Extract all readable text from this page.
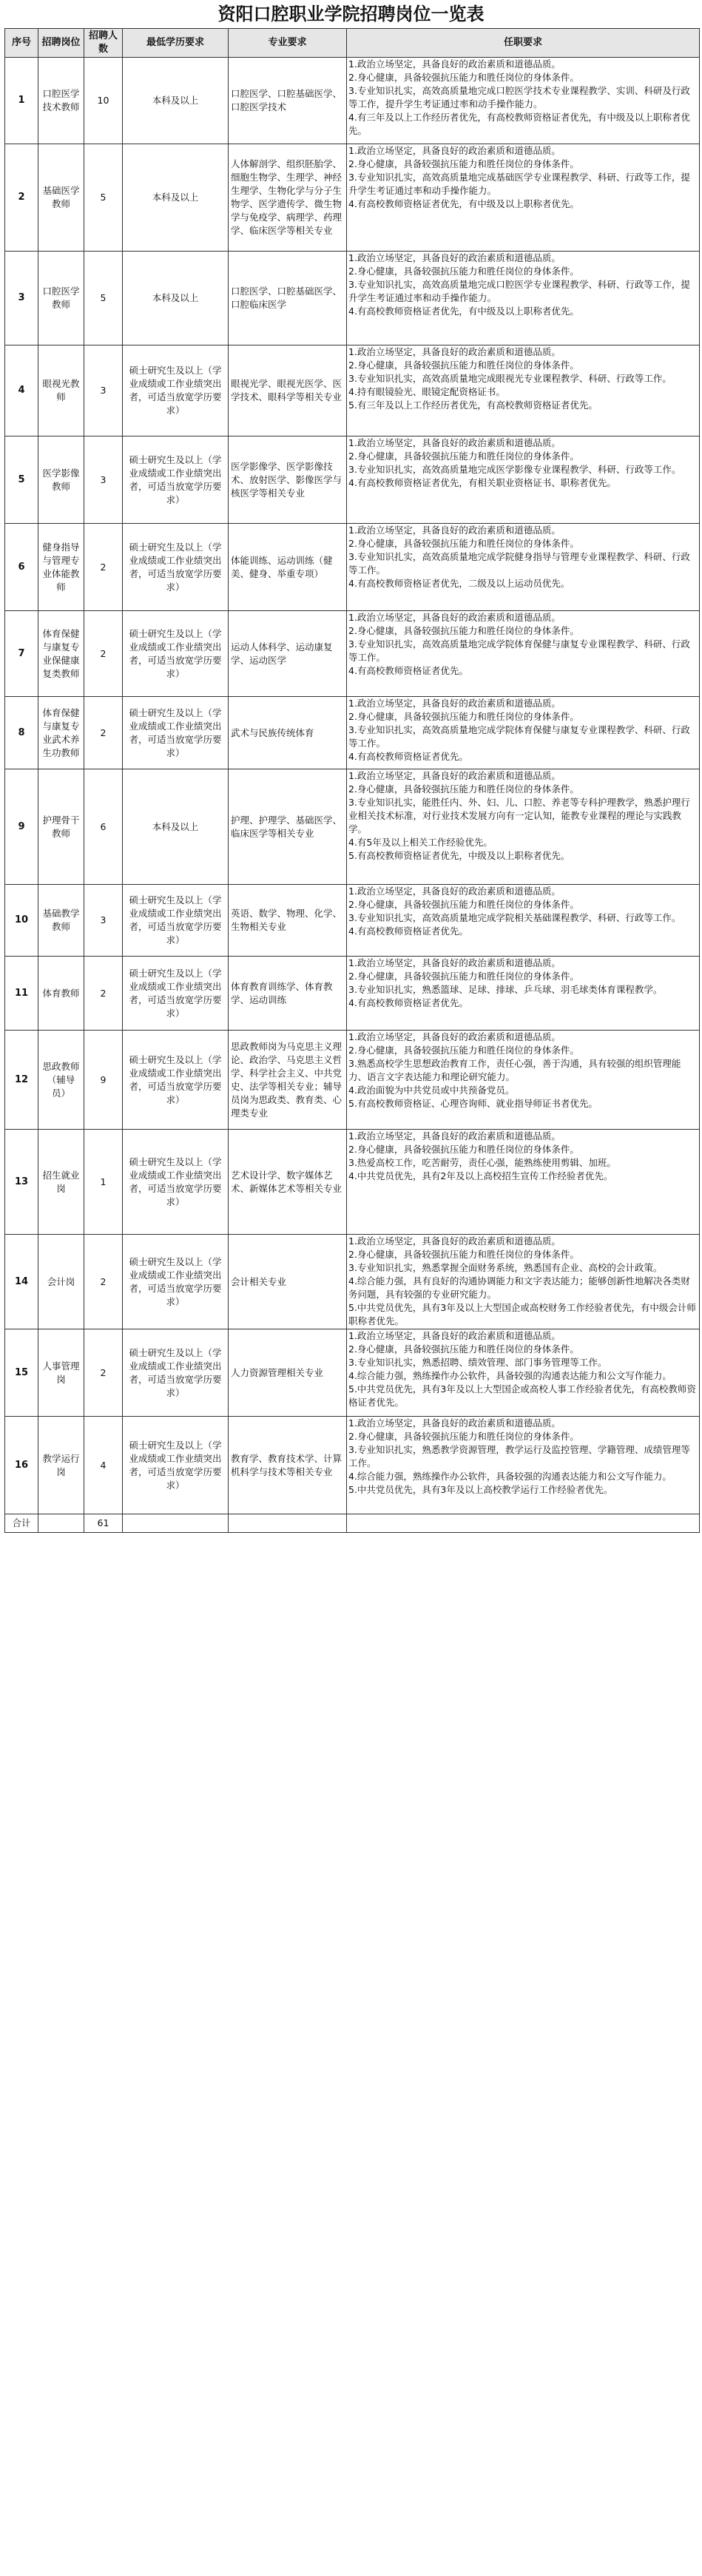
资阳口腔职业学院招聘岗位一览表
序号	招聘岗位	招聘人数	最低学历要求	专业要求	任职要求
1	口腔医学技术教师	10	本科及以上	口腔医学、口腔基础医学、口腔医学技术	1.政治立场坚定，具备良好的政治素质和道德品质。

2.身心健康，具备较强抗压能力和胜任岗位的身体条件。

3.专业知识扎实，高效高质量地完成口腔医学技术专业课程教学、实训、科研及行政等工作，提升学生考证通过率和动手操作能力。

4.有三年及以上工作经历者优先，有高校教师资格证者优先，有中级及以上职称者优先。

2	基础医学教师	5	本科及以上	人体解剖学、组织胚胎学、细胞生物学、生理学、神经生理学、生物化学与分子生物学、医学遗传学、微生物学与免疫学、病理学、药理学、临床医学等相关专业	1.政治立场坚定，具备良好的政治素质和道德品质。

2.身心健康，具备较强抗压能力和胜任岗位的身体条件。

3.专业知识扎实，高效高质量地完成基础医学专业课程教学、科研、行政等工作，提升学生考证通过率和动手操作能力。

4.有高校教师资格证者优先，有中级及以上职称者优先。

3	口腔医学教师	5	本科及以上	口腔医学、口腔基础医学、口腔临床医学	1.政治立场坚定，具备良好的政治素质和道德品质。

2.身心健康，具备较强抗压能力和胜任岗位的身体条件。

3.专业知识扎实，高效高质量地完成口腔医学专业课程教学、科研、行政等工作，提升学生考证通过率和动手操作能力。

4.有高校教师资格证者优先，有中级及以上职称者优先。

4	眼视光教师	3	硕士研究生及以上（学业成绩或工作业绩突出者，可适当放宽学历要求）	眼视光学、眼视光医学、医学技术、眼科学等相关专业	1.政治立场坚定，具备良好的政治素质和道德品质。

2.身心健康，具备较强抗压能力和胜任岗位的身体条件。

3.专业知识扎实，高效高质量地完成眼视光专业课程教学、科研、行政等工作。

4.持有眼镜验光、眼镜定配资格证书。

5.有三年及以上工作经历者优先，有高校教师资格证者优先。

5	医学影像教师	3	硕士研究生及以上（学业成绩或工作业绩突出者，可适当放宽学历要求）	医学影像学、医学影像技术、放射医学、影像医学与核医学等相关专业	1.政治立场坚定，具备良好的政治素质和道德品质。

2.身心健康，具备较强抗压能力和胜任岗位的身体条件。

3.专业知识扎实，高效高质量地完成医学影像专业课程教学、科研、行政等工作。

4.有高校教师资格证者优先，有相关职业资格证书、职称者优先。

6	健身指导与管理专业体能教师	2	硕士研究生及以上（学业成绩或工作业绩突出者，可适当放宽学历要求）	体能训练、运动训练（健美、健身、举重专项）	1.政治立场坚定，具备良好的政治素质和道德品质。

2.身心健康，具备较强抗压能力和胜任岗位的身体条件。

3.专业知识扎实，高效高质量地完成学院健身指导与管理专业课程教学、科研、行政等工作。

4.有高校教师资格证者优先，二级及以上运动员优先。

7	体育保健与康复专业保健康复类教师	2	硕士研究生及以上（学业成绩或工作业绩突出者，可适当放宽学历要求）	运动人体科学、运动康复学、运动医学	1.政治立场坚定，具备良好的政治素质和道德品质。

2.身心健康，具备较强抗压能力和胜任岗位的身体条件。

3.专业知识扎实，高效高质量地完成学院体育保健与康复专业课程教学、科研、行政等工作。

4.有高校教师资格证者优先。

8	体育保健与康复专业武术养生功教师	2	硕士研究生及以上（学业成绩或工作业绩突出者，可适当放宽学历要求）	武术与民族传统体育	1.政治立场坚定，具备良好的政治素质和道德品质。

2.身心健康，具备较强抗压能力和胜任岗位的身体条件。

3.专业知识扎实，高效高质量地完成学院体育保健与康复专业课程教学、科研、行政等工作。

4.有高校教师资格证者优先。

9	护理骨干教师	6	本科及以上	护理、护理学、基础医学、临床医学等相关专业	1.政治立场坚定，具备良好的政治素质和道德品质。

2.身心健康，具备较强抗压能力和胜任岗位的身体条件。

3.专业知识扎实，能胜任内、外、妇、儿、口腔、养老等专科护理教学，熟悉护理行业相关技术标准，对行业技术发展方向有一定认知，能教专业课程的理论与实践教学。

4.有5年及以上相关工作经验优先。

5.有高校教师资格证者优先，中级及以上职称者优先。

10	基础教学教师	3	硕士研究生及以上（学业成绩或工作业绩突出者，可适当放宽学历要求）	英语、数学、物理、化学、生物相关专业	1.政治立场坚定，具备良好的政治素质和道德品质。

2.身心健康，具备较强抗压能力和胜任岗位的身体条件。

3.专业知识扎实，高效高质量地完成学院相关基础课程教学、科研、行政等工作。

4.有高校教师资格证者优先。

11	体育教师	2	硕士研究生及以上（学业成绩或工作业绩突出者，可适当放宽学历要求）	体育教育训练学、体育教学、运动训练	1.政治立场坚定，具备良好的政治素质和道德品质。

2.身心健康，具备较强抗压能力和胜任岗位的身体条件。

3.专业知识扎实，熟悉篮球、足球、排球、乒乓球、羽毛球类体育课程教学。

4.有高校教师资格证者优先。

12	思政教师（辅导员）	9	硕士研究生及以上（学业成绩或工作业绩突出者，可适当放宽学历要求）	思政教师岗为马克思主义理论、政治学、马克思主义哲学、科学社会主义、中共党史、法学等相关专业；辅导员岗为思政类、教育类、心理类专业	1.政治立场坚定，具备良好的政治素质和道德品质。

2.身心健康，具备较强抗压能力和胜任岗位的身体条件。

3.熟悉高校学生思想政治教育工作，责任心强，善于沟通，具有较强的组织管理能力、语言文字表达能力和理论研究能力。

4.政治面貌为中共党员或中共预备党员。

5.有高校教师资格证、心理咨询师、就业指导师证书者优先。

13	招生就业岗	1	硕士研究生及以上（学业成绩或工作业绩突出者，可适当放宽学历要求）	艺术设计学、数字媒体艺术、新媒体艺术等相关专业	1.政治立场坚定，具备良好的政治素质和道德品质。

2.身心健康，具备较强抗压能力和胜任岗位的身体条件。

3.热爱高校工作，吃苦耐劳，责任心强，能熟练使用剪辑、加班。

4.中共党员优先，具有2年及以上高校招生宣传工作经验者优先。

14	会计岗	2	硕士研究生及以上（学业成绩或工作业绩突出者，可适当放宽学历要求）	会计相关专业	1.政治立场坚定，具备良好的政治素质和道德品质。

2.身心健康，具备较强抗压能力和胜任岗位的身体条件。

3.专业知识扎实，熟悉掌握全面财务系统，熟悉国有企业、高校的会计政策。

4.综合能力强，具有良好的沟通协调能力和文字表达能力；能够创新性地解决各类财务问题，具有较强的专业研究能力。

5.中共党员优先，具有3年及以上大型国企或高校财务工作经验者优先，有中级会计师职称者优先。

15	人事管理岗	2	硕士研究生及以上（学业成绩或工作业绩突出者，可适当放宽学历要求）	人力资源管理相关专业	1.政治立场坚定，具备良好的政治素质和道德品质。

2.身心健康，具备较强抗压能力和胜任岗位的身体条件。

3.专业知识扎实，熟悉招聘、绩效管理、部门事务管理等工作。

4.综合能力强，熟练操作办公软件，具备较强的沟通表达能力和公文写作能力。

5.中共党员优先，具有3年及以上大型国企或高校人事工作经验者优先，有高校教师资格证者优先。

16	教学运行岗	4	硕士研究生及以上（学业成绩或工作业绩突出者，可适当放宽学历要求）	教育学、教育技术学、计算机科学与技术等相关专业	1.政治立场坚定，具备良好的政治素质和道德品质。

2.身心健康，具备较强抗压能力和胜任岗位的身体条件。

3.专业知识扎实，熟悉教学资源管理，教学运行及监控管理、学籍管理、成绩管理等工作。

4.综合能力强，熟练操作办公软件，具备较强的沟通表达能力和公文写作能力。

5.中共党员优先，具有3年及以上高校教学运行工作经验者优先。

合计		61			
